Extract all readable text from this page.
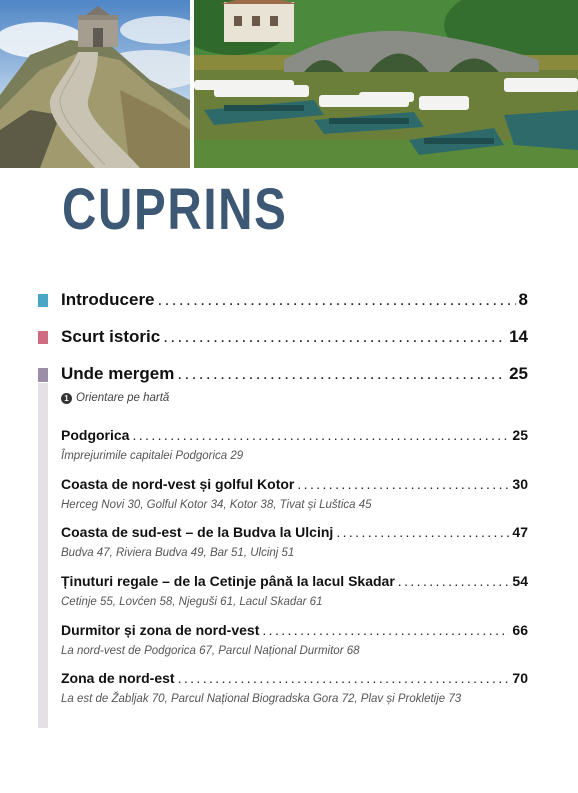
CUPRINS
Introducere .....	8
Scurt istoric .....	14
Unde mergem .....	25
1 Orientare pe hartă
Podgorica .....	25
Împrejurimile capitalei Podgorica 29
Coasta de nord-vest și golful Kotor .....	30
Herceg Novi 30, Golful Kotor 34, Kotor 38, Tivat și Luštica 45
Coasta de sud-est – de la Budva la Ulcinj .....	47
Budva 47, Riviera Budva 49, Bar 51, Ulcinj 51
Ținuturi regale – de la Cetinje până la lacul Skadar .....	54
Cetinje 55, Lovćen 58, Njeguši 61, Lacul Skadar 61
Durmitor și zona de nord-vest .....	66
La nord-vest de Podgorica 67, Parcul Național Durmitor 68
Zona de nord-est .....	70
La est de Žabljak 70, Parcul Național Biogradska Gora 72, Plav și Prokletije 73
